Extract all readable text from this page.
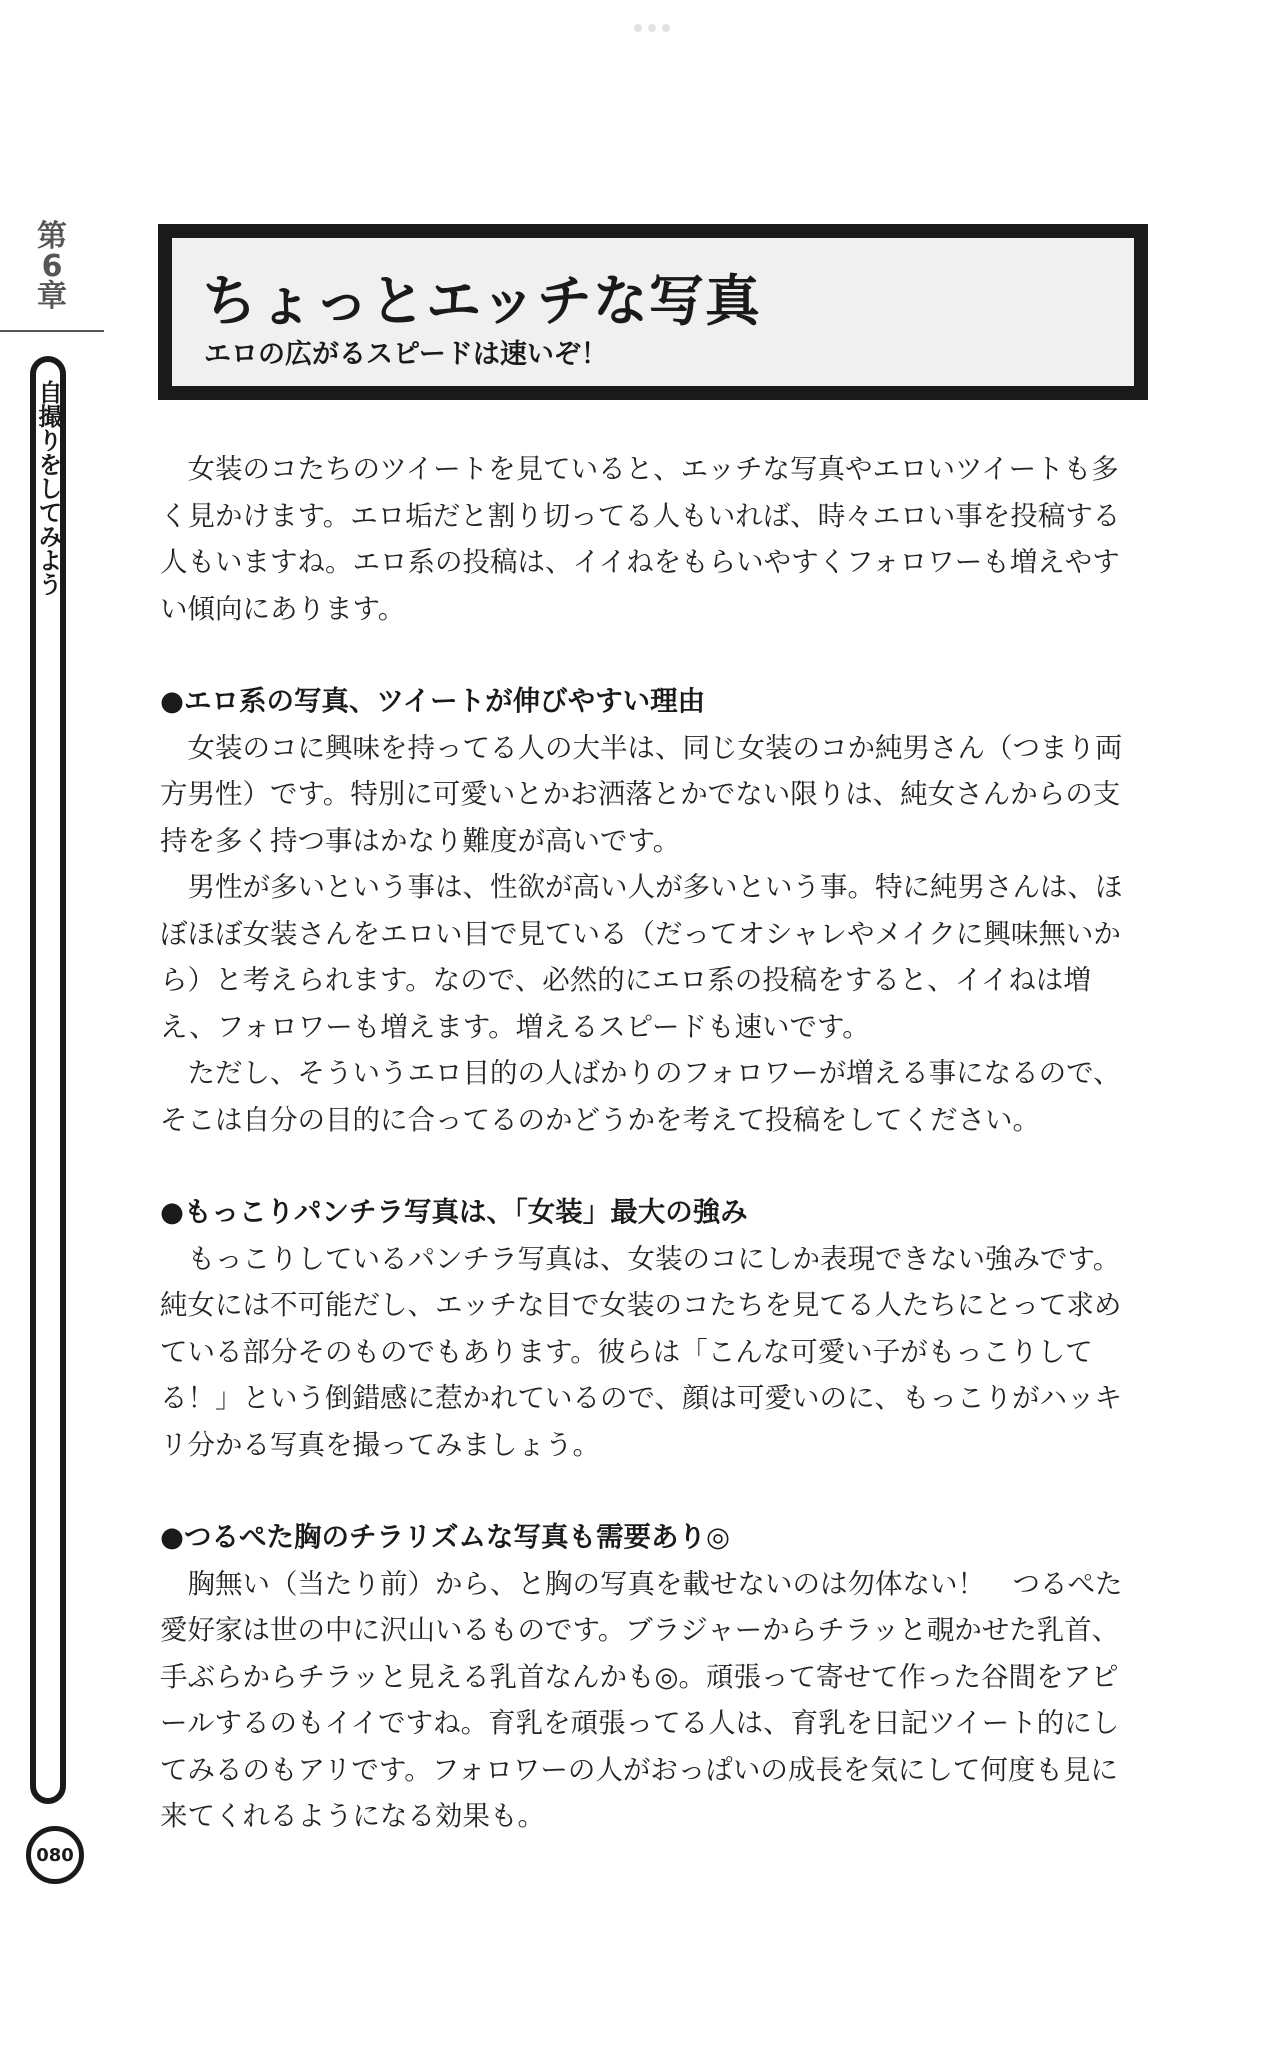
第
6
章
自撮りをしてみよう
080
ちょっとエッチな写真
エロの広がるスピードは速いぞ！

女装のコたちのツイートを見ていると、エッチな写真やエロいツイートも多く見かけます。エロ垢だと割り切ってる人もいれば、時々エロい事を投稿する人もいますね。エロ系の投稿は、イイねをもらいやすくフォロワーも増えやすい傾向にあります。

●エロ系の写真、ツイートが伸びやすい理由

女装のコに興味を持ってる人の大半は、同じ女装のコか純男さん（つまり両方男性）です。特別に可愛いとかお洒落とかでない限りは、純女さんからの支持を多く持つ事はかなり難度が高いです。

男性が多いという事は、性欲が高い人が多いという事。特に純男さんは、ほぼほぼ女装さんをエロい目で見ている（だってオシャレやメイクに興味無いから）と考えられます。なので、必然的にエロ系の投稿をすると、イイねは増え、フォロワーも増えます。増えるスピードも速いです。

ただし、そういうエロ目的の人ばかりのフォロワーが増える事になるので、そこは自分の目的に合ってるのかどうかを考えて投稿をしてください。

●もっこりパンチラ写真は、「女装」最大の強み

もっこりしているパンチラ写真は、女装のコにしか表現できない強みです。純女には不可能だし、エッチな目で女装のコたちを見てる人たちにとって求めている部分そのものでもあります。彼らは「こんな可愛い子がもっこりしてる！」という倒錯感に惹かれているので、顔は可愛いのに、もっこりがハッキリ分かる写真を撮ってみましょう。

●つるぺた胸のチラリズムな写真も需要あり◎

胸無い（当たり前）から、と胸の写真を載せないのは勿体ない！　つるぺた愛好家は世の中に沢山いるものです。ブラジャーからチラッと覗かせた乳首、手ぶらからチラッと見える乳首なんかも◎。頑張って寄せて作った谷間をアピールするのもイイですね。育乳を頑張ってる人は、育乳を日記ツイート的にしてみるのもアリです。フォロワーの人がおっぱいの成長を気にして何度も見に来てくれるようになる効果も。
